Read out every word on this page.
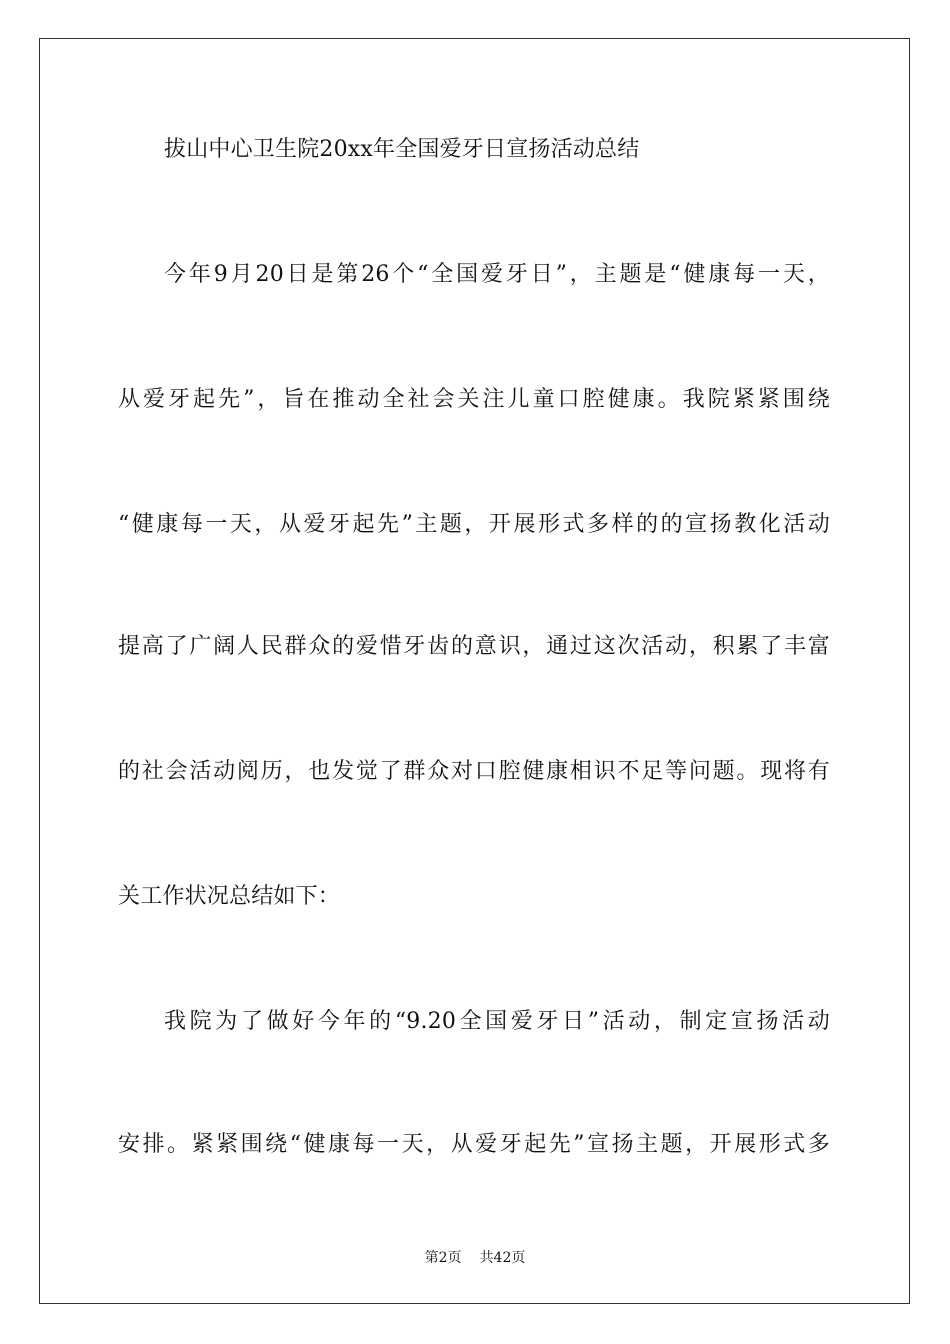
拔山中心卫生院20xx年全国爱牙日宣扬活动总结
今年9月20日是第26个“全国爱牙日”，主题是“健康每一天，
从爱牙起先”，旨在推动全社会关注儿童口腔健康。我院紧紧围绕
“健康每一天，从爱牙起先”主题，开展形式多样的的宣扬教化活动
提高了广阔人民群众的爱惜牙齿的意识，通过这次活动，积累了丰富
的社会活动阅历，也发觉了群众对口腔健康相识不足等问题。现将有
关工作状况总结如下：
我院为了做好今年的“9.20全国爱牙日”活动，制定宣扬活动
安排。紧紧围绕“健康每一天，从爱牙起先”宣扬主题，开展形式多
第2页 共42页
